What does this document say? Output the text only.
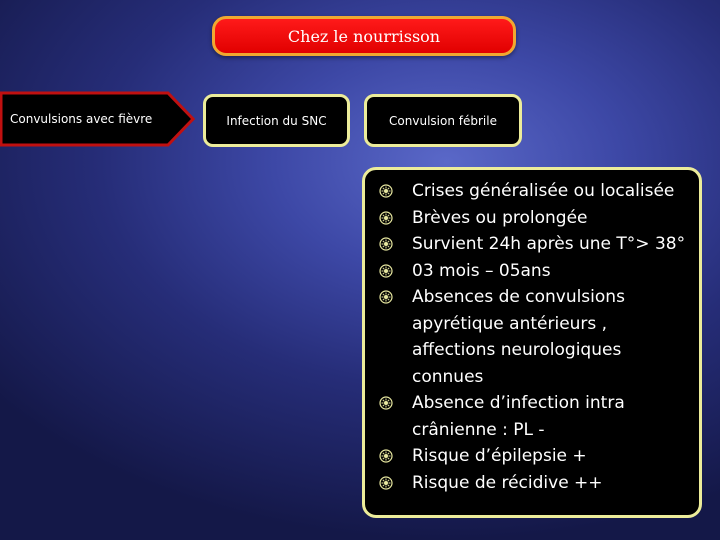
Chez le nourrisson
Convulsions avec fièvre	Infection du SNC	Convulsion fébrile
Crises généralisée ou localisée
Brèves ou prolongée
Survient 24h après une T°> 38°
03 mois – 05ans
Absences de convulsions apyrétique antérieurs , affections neurologiques connues
Absence d’infection intra crânienne : PL -
Risque d’épilepsie +
Risque de récidive ++
